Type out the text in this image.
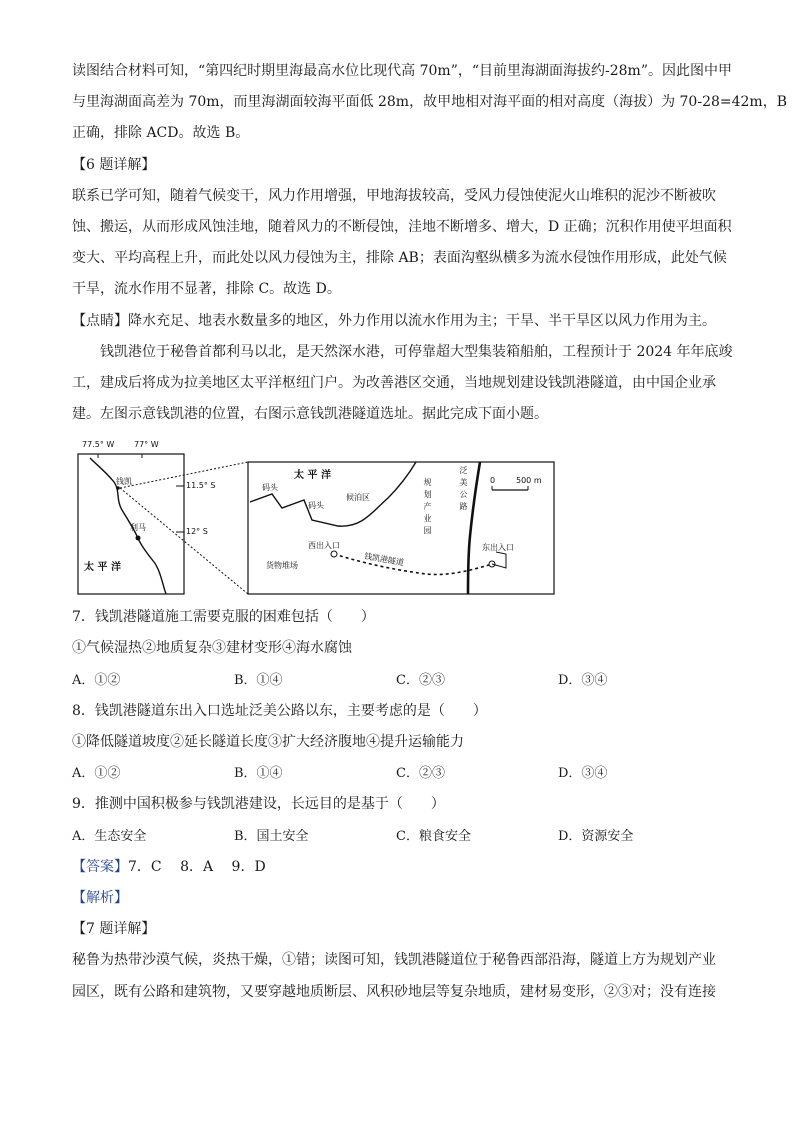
读图结合材料可知，“第四纪时期里海最高水位比现代高 70m”，“目前里海湖面海拔约-28m”。因此图中甲
与里海湖面高差为 70m，而里海湖面较海平面低 28m，故甲地相对海平面的相对高度（海拔）为 70-28=42m，B
正确，排除 ACD。故选 B。
【6 题详解】
联系已学可知，随着气候变干，风力作用增强，甲地海拔较高，受风力侵蚀使泥火山堆积的泥沙不断被吹
蚀、搬运，从而形成风蚀洼地，随着风力的不断侵蚀，洼地不断增多、增大，D 正确；沉积作用使平坦面积
变大、平均高程上升，而此处以风力侵蚀为主，排除 AB；表面沟壑纵横多为流水侵蚀作用形成，此处气候
干旱，流水作用不显著，排除 C。故选 D。
【点睛】降水充足、地表水数量多的地区，外力作用以流水作用为主；干旱、半干旱区以风力作用为主。
钱凯港位于秘鲁首都利马以北，是天然深水港，可停靠超大型集装箱船舶，工程预计于 2024 年年底竣
工，建成后将成为拉美地区太平洋枢纽门户。为改善港区交通，当地规划建设钱凯港隧道，由中国企业承
建。左图示意钱凯港的位置，右图示意钱凯港隧道选址。据此完成下面小题。
77.5° W 77° W
11.5° S
12° S
钱凯
利马
太 平 洋
太 平 洋
码头
码头
候泊区
货物堆场
西出入口
钱凯港隧道
规划产业园	泛美公路
东出入口
0	500 m
7．钱凯港隧道施工需要克服的困难包括（　　）
①气候湿热②地质复杂③建材变形④海水腐蚀
A．①②	B．①④	C．②③	D．③④
8．钱凯港隧道东出入口选址泛美公路以东，主要考虑的是（　　）
①降低隧道坡度②延长隧道长度③扩大经济腹地④提升运输能力
A．①②	B．①④	C．②③	D．③④
9．推测中国积极参与钱凯港建设，长远目的是基于（　　）
A．生态安全	B．国土安全	C．粮食安全	D．资源安全
【答案】7．C　 8．A　 9．D
【解析】
【7 题详解】
秘鲁为热带沙漠气候，炎热干燥，①错；读图可知，钱凯港隧道位于秘鲁西部沿海，隧道上方为规划产业
园区，既有公路和建筑物，又要穿越地质断层、风积砂地层等复杂地质，建材易变形，②③对；没有连接
